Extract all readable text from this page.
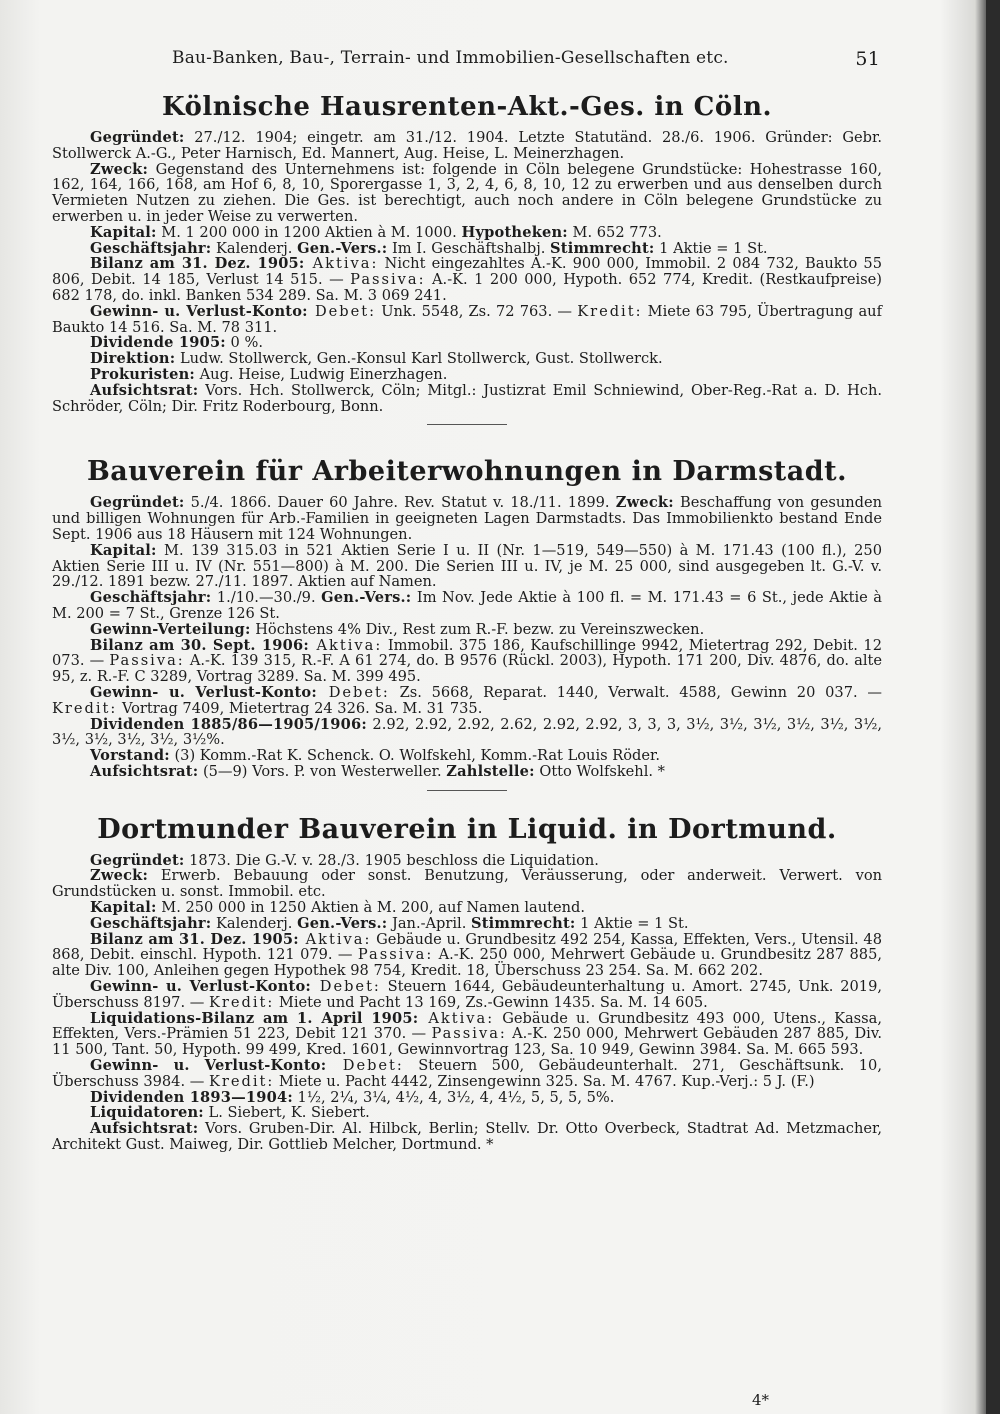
Bau-Banken, Bau-, Terrain- und Immobilien-Gesellschaften etc.	51
Kölnische Hausrenten-Akt.-Ges. in Cöln.

Gegründet: 27./12. 1904; eingetr. am 31./12. 1904. Letzte Statutänd. 28./6. 1906. Gründer: Gebr. Stollwerck A.-G., Peter Harnisch, Ed. Mannert, Aug. Heise, L. Meinerzhagen.

Zweck: Gegenstand des Unternehmens ist: folgende in Cöln belegene Grundstücke: Hohestrasse 160, 162, 164, 166, 168, am Hof 6, 8, 10, Sporergasse 1, 3, 2, 4, 6, 8, 10, 12 zu erwerben und aus denselben durch Vermieten Nutzen zu ziehen. Die Ges. ist berechtigt, auch noch andere in Cöln belegene Grundstücke zu erwerben u. in jeder Weise zu verwerten.

Kapital: M. 1 200 000 in 1200 Aktien à M. 1000. Hypotheken: M. 652 773.

Geschäftsjahr: Kalenderj. Gen.-Vers.: Im I. Geschäftshalbj. Stimmrecht: 1 Aktie = 1 St.

Bilanz am 31. Dez. 1905: Aktiva: Nicht eingezahltes A.-K. 900 000, Immobil. 2 084 732, Baukto 55 806, Debit. 14 185, Verlust 14 515. — Passiva: A.-K. 1 200 000, Hypoth. 652 774, Kredit. (Restkaufpreise) 682 178, do. inkl. Banken 534 289. Sa. M. 3 069 241.

Gewinn- u. Verlust-Konto: Debet: Unk. 5548, Zs. 72 763. — Kredit: Miete 63 795, Übertragung auf Baukto 14 516. Sa. M. 78 311.

Dividende 1905: 0 %.

Direktion: Ludw. Stollwerck, Gen.-Konsul Karl Stollwerck, Gust. Stollwerck.

Prokuristen: Aug. Heise, Ludwig Einerzhagen.

Aufsichtsrat: Vors. Hch. Stollwerck, Cöln; Mitgl.: Justizrat Emil Schniewind, Ober-Reg.-Rat a. D. Hch. Schröder, Cöln; Dir. Fritz Roderbourg, Bonn.

Bauverein für Arbeiterwohnungen in Darmstadt.

Gegründet: 5./4. 1866. Dauer 60 Jahre. Rev. Statut v. 18./11. 1899. Zweck: Beschaffung von gesunden und billigen Wohnungen für Arb.-Familien in geeigneten Lagen Darmstadts. Das Immobilienkto bestand Ende Sept. 1906 aus 18 Häusern mit 124 Wohnungen.

Kapital: M. 139 315.03 in 521 Aktien Serie I u. II (Nr. 1—519, 549—550) à M. 171.43 (100 fl.), 250 Aktien Serie III u. IV (Nr. 551—800) à M. 200. Die Serien III u. IV, je M. 25 000, sind ausgegeben lt. G.-V. v. 29./12. 1891 bezw. 27./11. 1897. Aktien auf Namen.

Geschäftsjahr: 1./10.—30./9. Gen.-Vers.: Im Nov. Jede Aktie à 100 fl. = M. 171.43 = 6 St., jede Aktie à M. 200 = 7 St., Grenze 126 St.

Gewinn-Verteilung: Höchstens 4% Div., Rest zum R.-F. bezw. zu Vereinszwecken.

Bilanz am 30. Sept. 1906: Aktiva: Immobil. 375 186, Kaufschillinge 9942, Mietertrag 292, Debit. 12 073. — Passiva: A.-K. 139 315, R.-F. A 61 274, do. B 9576 (Rückl. 2003), Hypoth. 171 200, Div. 4876, do. alte 95, z. R.-F. C 3289, Vortrag 3289. Sa. M. 399 495.

Gewinn- u. Verlust-Konto: Debet: Zs. 5668, Reparat. 1440, Verwalt. 4588, Gewinn 20 037. — Kredit: Vortrag 7409, Mietertrag 24 326. Sa. M. 31 735.

Dividenden 1885/86—1905/1906: 2.92, 2.92, 2.92, 2.62, 2.92, 2.92, 3, 3, 3, 3½, 3½, 3½, 3½, 3½, 3½, 3½, 3½, 3½, 3½, 3½%.

Vorstand: (3) Komm.-Rat K. Schenck. O. Wolfskehl, Komm.-Rat Louis Röder.

Aufsichtsrat: (5—9) Vors. P. von Westerweller. Zahlstelle: Otto Wolfskehl. *

Dortmunder Bauverein in Liquid. in Dortmund.

Gegründet: 1873. Die G.-V. v. 28./3. 1905 beschloss die Liquidation.

Zweck: Erwerb. Bebauung oder sonst. Benutzung, Veräusserung, oder anderweit. Verwert. von Grundstücken u. sonst. Immobil. etc.

Kapital: M. 250 000 in 1250 Aktien à M. 200, auf Namen lautend.

Geschäftsjahr: Kalenderj. Gen.-Vers.: Jan.-April. Stimmrecht: 1 Aktie = 1 St.

Bilanz am 31. Dez. 1905: Aktiva: Gebäude u. Grundbesitz 492 254, Kassa, Effekten, Vers., Utensil. 48 868, Debit. einschl. Hypoth. 121 079. — Passiva: A.-K. 250 000, Mehrwert Gebäude u. Grundbesitz 287 885, alte Div. 100, Anleihen gegen Hypothek 98 754, Kredit. 18, Überschuss 23 254. Sa. M. 662 202.

Gewinn- u. Verlust-Konto: Debet: Steuern 1644, Gebäudeunterhaltung u. Amort. 2745, Unk. 2019, Überschuss 8197. — Kredit: Miete und Pacht 13 169, Zs.-Gewinn 1435. Sa. M. 14 605.

Liquidations-Bilanz am 1. April 1905: Aktiva: Gebäude u. Grundbesitz 493 000, Utens., Kassa, Effekten, Vers.-Prämien 51 223, Debit 121 370. — Passiva: A.-K. 250 000, Mehrwert Gebäuden 287 885, Div. 11 500, Tant. 50, Hypoth. 99 499, Kred. 1601, Gewinnvortrag 123, Sa. 10 949, Gewinn 3984. Sa. M. 665 593.

Gewinn- u. Verlust-Konto: Debet: Steuern 500, Gebäudeunterhalt. 271, Geschäftsunk. 10, Überschuss 3984. — Kredit: Miete u. Pacht 4442, Zinsengewinn 325. Sa. M. 4767. Kup.-Verj.: 5 J. (F.)

Dividenden 1893—1904: 1½, 2¼, 3¼, 4½, 4, 3½, 4, 4½, 5, 5, 5, 5%.

Liquidatoren: L. Siebert, K. Siebert.

Aufsichtsrat: Vors. Gruben-Dir. Al. Hilbck, Berlin; Stellv. Dr. Otto Overbeck, Stadtrat Ad. Metzmacher, Architekt Gust. Maiweg, Dir. Gottlieb Melcher, Dortmund. *

4*
